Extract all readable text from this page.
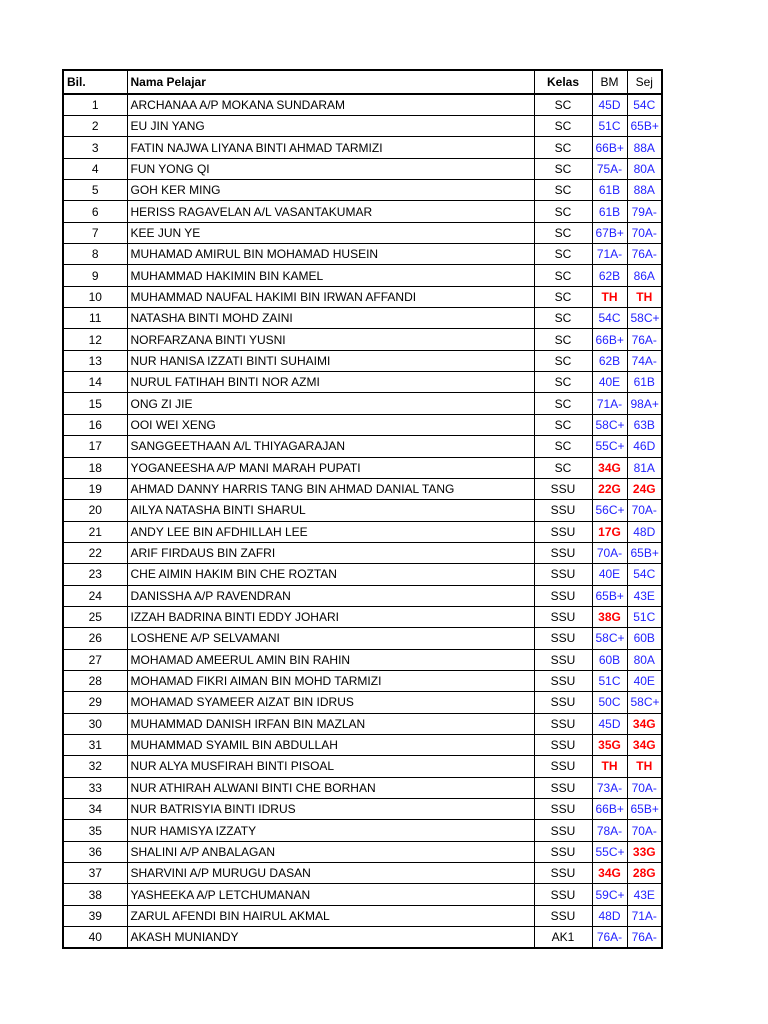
Bil.	Nama Pelajar	Kelas	BM	Sej
1	ARCHANAA A/P MOKANA SUNDARAM	SC	45D	54C
2	EU JIN YANG	SC	51C	65B+
3	FATIN NAJWA LIYANA BINTI AHMAD TARMIZI	SC	66B+	88A
4	FUN YONG QI	SC	75A-	80A
5	GOH KER MING	SC	61B	88A
6	HERISS RAGAVELAN A/L VASANTAKUMAR	SC	61B	79A-
7	KEE JUN YE	SC	67B+	70A-
8	MUHAMAD AMIRUL BIN MOHAMAD HUSEIN	SC	71A-	76A-
9	MUHAMMAD HAKIMIN BIN KAMEL	SC	62B	86A
10	MUHAMMAD NAUFAL HAKIMI BIN IRWAN AFFANDI	SC	TH	TH
11	NATASHA BINTI MOHD ZAINI	SC	54C	58C+
12	NORFARZANA BINTI YUSNI	SC	66B+	76A-
13	NUR HANISA IZZATI BINTI SUHAIMI	SC	62B	74A-
14	NURUL FATIHAH BINTI NOR AZMI	SC	40E	61B
15	ONG ZI JIE	SC	71A-	98A+
16	OOI WEI XENG	SC	58C+	63B
17	SANGGEETHAAN A/L THIYAGARAJAN	SC	55C+	46D
18	YOGANEESHA A/P MANI MARAH PUPATI	SC	34G	81A
19	AHMAD DANNY HARRIS TANG BIN AHMAD DANIAL TANG	SSU	22G	24G
20	AILYA NATASHA BINTI SHARUL	SSU	56C+	70A-
21	ANDY LEE BIN AFDHILLAH LEE	SSU	17G	48D
22	ARIF FIRDAUS BIN ZAFRI	SSU	70A-	65B+
23	CHE AIMIN HAKIM BIN CHE ROZTAN	SSU	40E	54C
24	DANISSHA A/P RAVENDRAN	SSU	65B+	43E
25	IZZAH BADRINA BINTI EDDY JOHARI	SSU	38G	51C
26	LOSHENE A/P SELVAMANI	SSU	58C+	60B
27	MOHAMAD AMEERUL AMIN BIN RAHIN	SSU	60B	80A
28	MOHAMAD FIKRI AIMAN BIN MOHD TARMIZI	SSU	51C	40E
29	MOHAMAD SYAMEER AIZAT BIN IDRUS	SSU	50C	58C+
30	MUHAMMAD DANISH IRFAN BIN MAZLAN	SSU	45D	34G
31	MUHAMMAD SYAMIL BIN ABDULLAH	SSU	35G	34G
32	NUR ALYA MUSFIRAH BINTI PISOAL	SSU	TH	TH
33	NUR ATHIRAH ALWANI BINTI CHE BORHAN	SSU	73A-	70A-
34	NUR BATRISYIA BINTI IDRUS	SSU	66B+	65B+
35	NUR HAMISYA IZZATY	SSU	78A-	70A-
36	SHALINI A/P ANBALAGAN	SSU	55C+	33G
37	SHARVINI A/P MURUGU DASAN	SSU	34G	28G
38	YASHEEKA A/P LETCHUMANAN	SSU	59C+	43E
39	ZARUL AFENDI BIN HAIRUL AKMAL	SSU	48D	71A-
40	AKASH MUNIANDY	AK1	76A-	76A-
